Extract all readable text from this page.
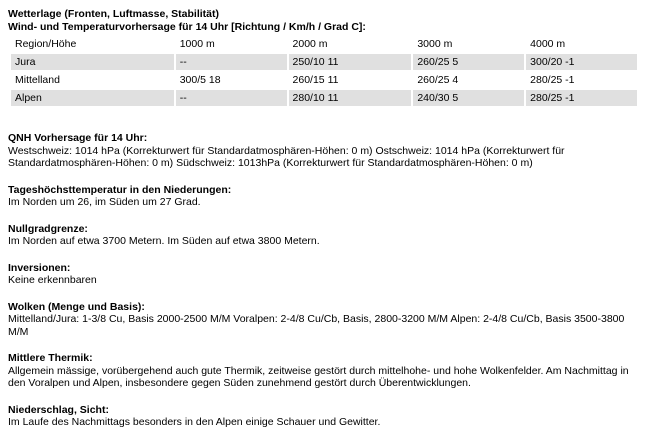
Wetterlage (Fronten, Luftmasse, Stabilität)
Wind- und Temperaturvorhersage für 14 Uhr [Richtung / Km/h / Grad C]:
Region/Höhe	1000 m	2000 m	3000 m	4000 m
Jura	--	250/10 11	260/25 5	300/20 -1
Mittelland	300/5 18	260/15 11	260/25 4	280/25 -1
Alpen	--	280/10 11	240/30 5	280/25 -1
QNH Vorhersage für 14 Uhr:

Westschweiz: 1014 hPa (Korrekturwert für Standardatmosphären-Höhen: 0 m) Ostschweiz: 1014 hPa (Korrekturwert für Standardatmosphären-Höhen: 0 m) Südschweiz: 1013hPa (Korrekturwert für Standardatmosphären-Höhen: 0 m)

Tageshöchsttemperatur in den Niederungen:

Im Norden um 26, im Süden um 27 Grad.

Nullgradgrenze:

Im Norden auf etwa 3700 Metern. Im Süden auf etwa 3800 Metern.

Inversionen:

Keine erkennbaren

Wolken (Menge und Basis):

Mittelland/Jura: 1-3/8 Cu, Basis 2000-2500 M/M Voralpen: 2-4/8 Cu/Cb, Basis, 2800-3200 M/M Alpen: 2-4/8 Cu/Cb, Basis 3500-3800 M/M

Mittlere Thermik:

Allgemein mässige, vorübergehend auch gute Thermik, zeitweise gestört durch mittelhohe- und hohe Wolkenfelder. Am Nachmittag in den Voralpen und Alpen, insbesondere gegen Süden zunehmend gestört durch Überentwicklungen.

Niederschlag, Sicht:

Im Laufe des Nachmittags besonders in den Alpen einige Schauer und Gewitter.
